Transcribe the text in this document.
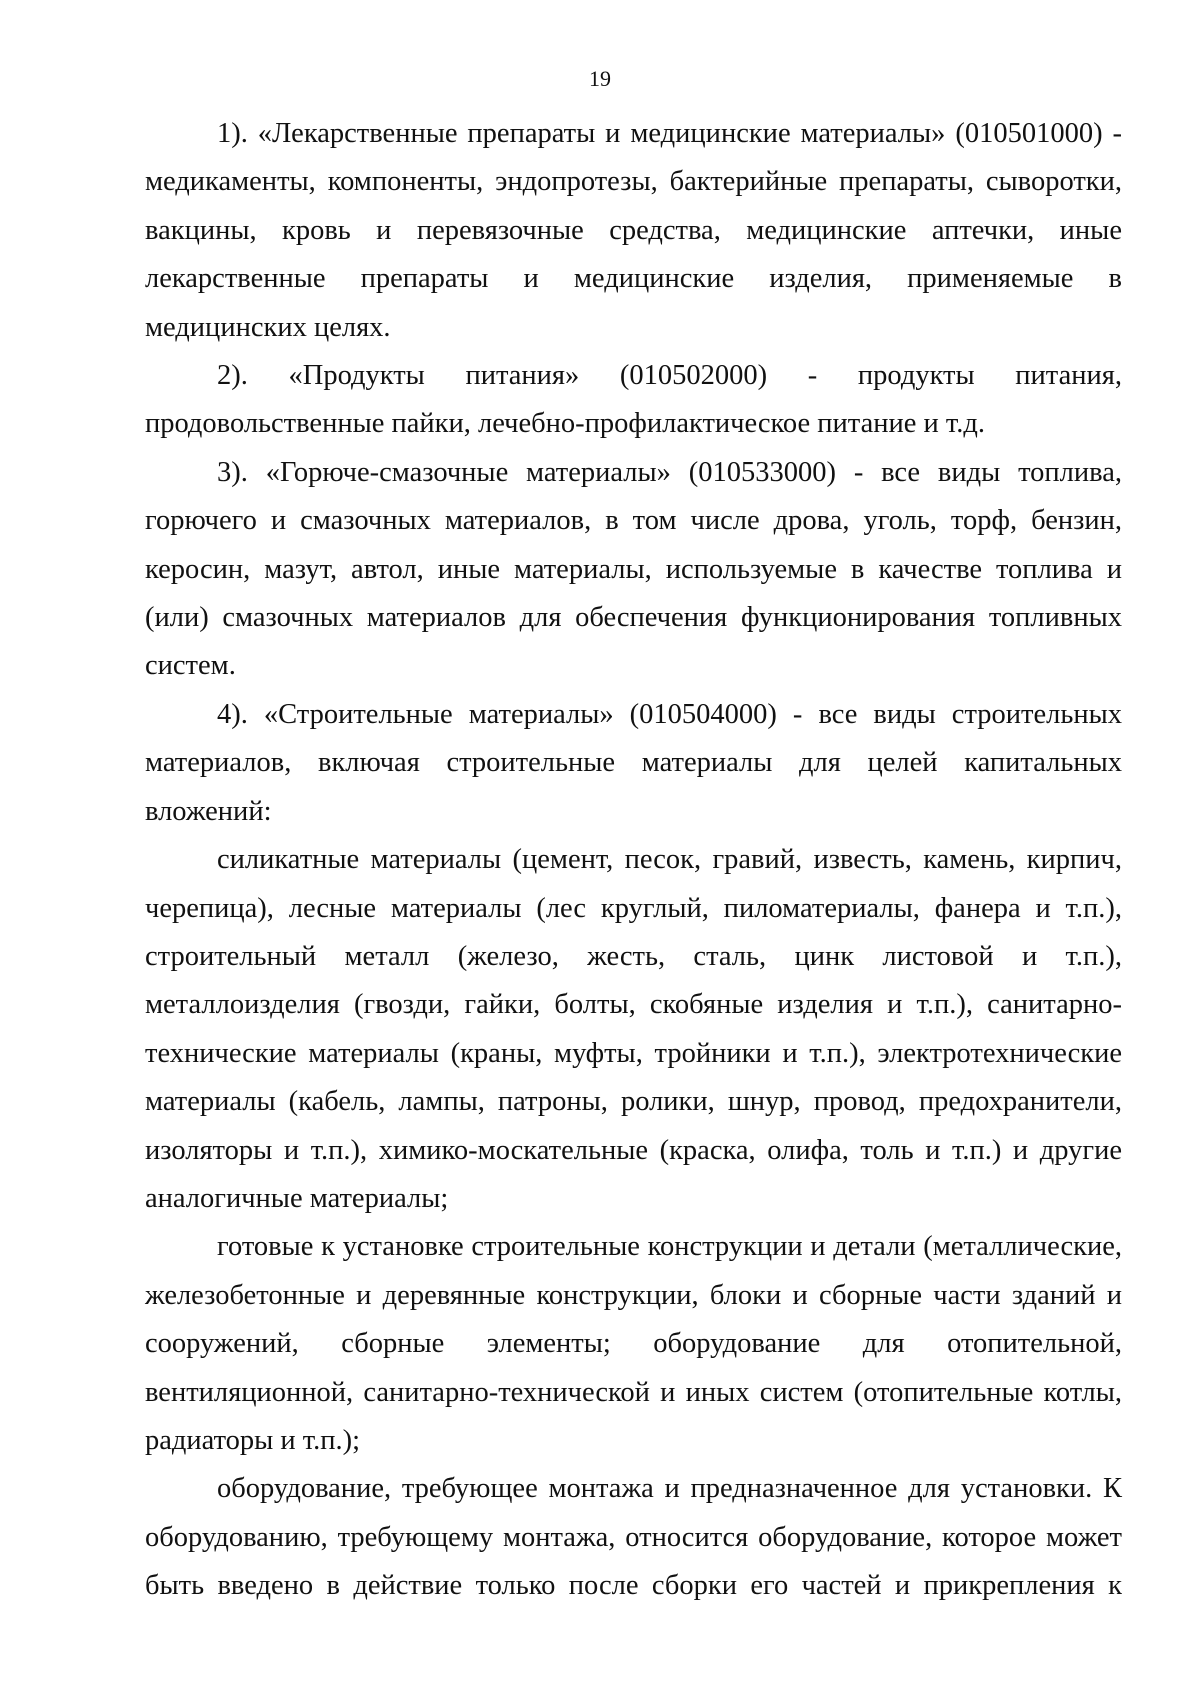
19

1). «Лекарственные препараты и медицинские материалы» (010501000) - медикаменты, компоненты, эндопротезы, бактерийные препараты, сыворотки, вакцины, кровь и перевязочные средства, медицинские аптечки, иные лекарственные препараты и медицинские изделия, применяемые в медицинских целях.

2). «Продукты питания» (010502000) - продукты питания, продовольственные пайки, лечебно-профилактическое питание и т.д.

3). «Горюче-смазочные материалы» (010533000) - все виды топлива, горючего и смазочных материалов, в том числе дрова, уголь, торф, бензин, керосин, мазут, автол, иные материалы, используемые в качестве топлива и (или) смазочных материалов для обеспечения функционирования топливных систем.

4). «Строительные материалы» (010504000) - все виды строительных материалов, включая строительные материалы для целей капитальных вложений:

силикатные материалы (цемент, песок, гравий, известь, камень, кирпич, черепица), лесные материалы (лес круглый, пиломатериалы, фанера и т.п.), строительный металл (железо, жесть, сталь, цинк листовой и т.п.), металлоизделия (гвозди, гайки, болты, скобяные изделия и т.п.), санитарно-технические материалы (краны, муфты, тройники и т.п.), электротехнические материалы (кабель, лампы, патроны, ролики, шнур, провод, предохранители, изоляторы и т.п.), химико-москательные (краска, олифа, толь и т.п.) и другие аналогичные материалы;

готовые к установке строительные конструкции и детали (металлические, железобетонные и деревянные конструкции, блоки и сборные части зданий и сооружений, сборные элементы; оборудование для отопительной, вентиляционной, санитарно-технической и иных систем (отопительные котлы, радиаторы и т.п.);

оборудование, требующее монтажа и предназначенное для установки. К оборудованию, требующему монтажа, относится оборудование, которое может быть введено в действие только после сборки его частей и прикрепления к
